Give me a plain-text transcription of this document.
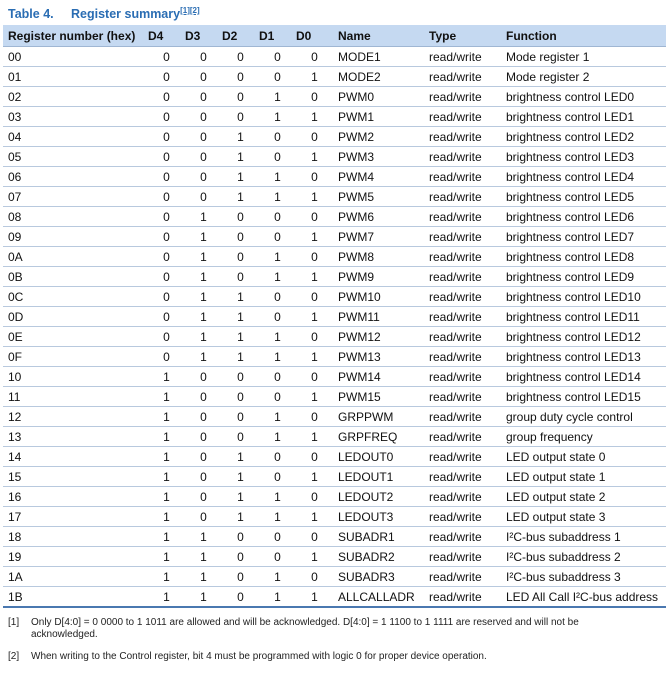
Table 4. Register summary[1][2]
Register number (hex)	D4	D3	D2	D1	D0	Name	Type	Function
00	0	0	0	0	0	MODE1	read/write	Mode register 1
01	0	0	0	0	1	MODE2	read/write	Mode register 2
02	0	0	0	1	0	PWM0	read/write	brightness control LED0
03	0	0	0	1	1	PWM1	read/write	brightness control LED1
04	0	0	1	0	0	PWM2	read/write	brightness control LED2
05	0	0	1	0	1	PWM3	read/write	brightness control LED3
06	0	0	1	1	0	PWM4	read/write	brightness control LED4
07	0	0	1	1	1	PWM5	read/write	brightness control LED5
08	0	1	0	0	0	PWM6	read/write	brightness control LED6
09	0	1	0	0	1	PWM7	read/write	brightness control LED7
0A	0	1	0	1	0	PWM8	read/write	brightness control LED8
0B	0	1	0	1	1	PWM9	read/write	brightness control LED9
0C	0	1	1	0	0	PWM10	read/write	brightness control LED10
0D	0	1	1	0	1	PWM11	read/write	brightness control LED11
0E	0	1	1	1	0	PWM12	read/write	brightness control LED12
0F	0	1	1	1	1	PWM13	read/write	brightness control LED13
10	1	0	0	0	0	PWM14	read/write	brightness control LED14
11	1	0	0	0	1	PWM15	read/write	brightness control LED15
12	1	0	0	1	0	GRPPWM	read/write	group duty cycle control
13	1	0	0	1	1	GRPFREQ	read/write	group frequency
14	1	0	1	0	0	LEDOUT0	read/write	LED output state 0
15	1	0	1	0	1	LEDOUT1	read/write	LED output state 1
16	1	0	1	1	0	LEDOUT2	read/write	LED output state 2
17	1	0	1	1	1	LEDOUT3	read/write	LED output state 3
18	1	1	0	0	0	SUBADR1	read/write	I²C-bus subaddress 1
19	1	1	0	0	1	SUBADR2	read/write	I²C-bus subaddress 2
1A	1	1	0	1	0	SUBADR3	read/write	I²C-bus subaddress 3
1B	1	1	0	1	1	ALLCALLADR	read/write	LED All Call I²C-bus address
[1] Only D[4:0] = 0 0000 to 1 1011 are allowed and will be acknowledged. D[4:0] = 1 1100 to 1 1111 are reserved and will not be acknowledged.
[2] When writing to the Control register, bit 4 must be programmed with logic 0 for proper device operation.
